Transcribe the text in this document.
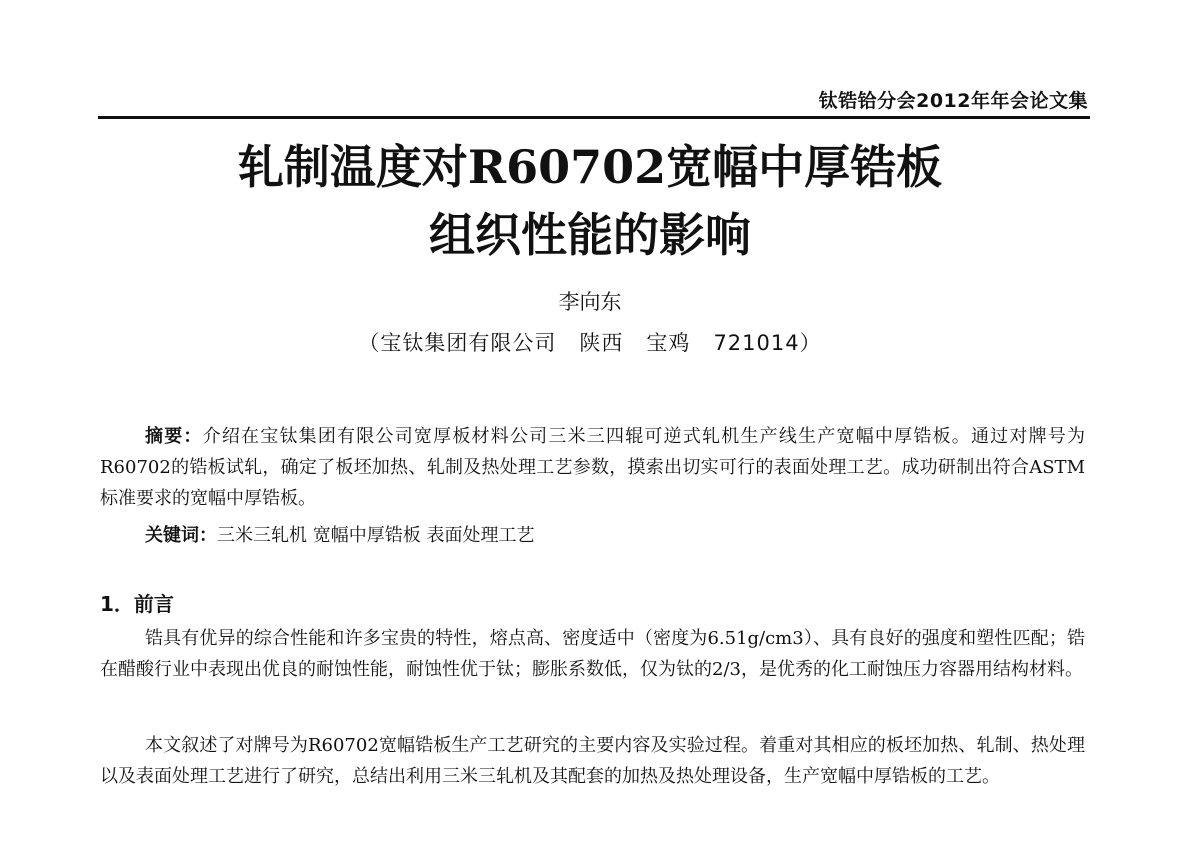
钛锆铪分会2012年年会论文集
轧制温度对R60702宽幅中厚锆板
组织性能的影响
李向东
（宝钛集团有限公司   陕西   宝鸡   721014）
摘要：介绍在宝钛集团有限公司宽厚板材料公司三米三四辊可逆式轧机生产线生产宽幅中厚锆板。通过对牌号为R60702的锆板试轧，确定了板坯加热、轧制及热处理工艺参数，摸索出切实可行的表面处理工艺。成功研制出符合ASTM 标准要求的宽幅中厚锆板。
关键词：三米三轧机 宽幅中厚锆板 表面处理工艺
1．前言
锆具有优异的综合性能和许多宝贵的特性，熔点高、密度适中（密度为6.51g/cm3）、具有良好的强度和塑性匹配；锆在醋酸行业中表现出优良的耐蚀性能，耐蚀性优于钛；膨胀系数低，仅为钛的2/3，是优秀的化工耐蚀压力容器用结构材料。
本文叙述了对牌号为R60702宽幅锆板生产工艺研究的主要内容及实验过程。着重对其相应的板坯加热、轧制、热处理以及表面处理工艺进行了研究，总结出利用三米三轧机及其配套的加热及热处理设备，生产宽幅中厚锆板的工艺。
